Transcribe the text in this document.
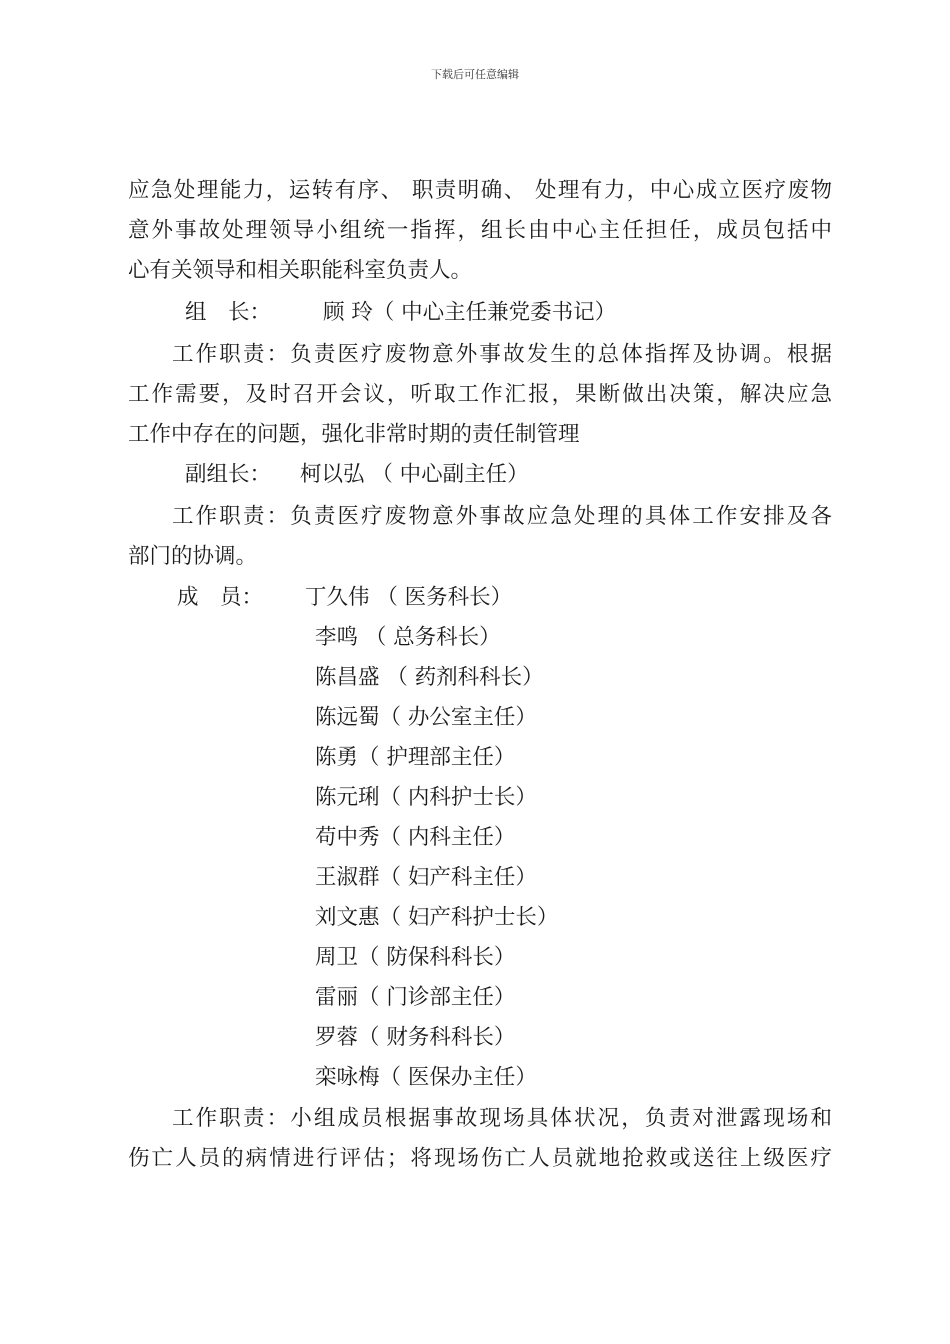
下载后可任意编辑
应急处理能力，运转有序、 职责明确、 处理有力，中心成立医疗废物
意外事故处理领导小组统一指挥，组长由中心主任担任，成员包括中
心有关领导和相关职能科室负责人。
组　长： 顾 玲（ 中心主任兼党委书记）
工作职责：负责医疗废物意外事故发生的总体指挥及协调。根据
工作需要，及时召开会议，听取工作汇报，果断做出决策，解决应急
工作中存在的问题，强化非常时期的责任制管理
副组长： 柯以弘 （ 中心副主任）
工作职责：负责医疗废物意外事故应急处理的具体工作安排及各
部门的协调。
成　员： 丁久伟 （ 医务科长）
李鸣 （ 总务科长）
陈昌盛 （ 药剂科科长）
陈远蜀（ 办公室主任）
陈勇（ 护理部主任）
陈元琍（ 内科护士长）
苟中秀（ 内科主任）
王淑群（ 妇产科主任）
刘文惠（ 妇产科护士长）
周卫（ 防保科科长）
雷丽（ 门诊部主任）
罗蓉（ 财务科科长）
栾咏梅（ 医保办主任）
工作职责：小组成员根据事故现场具体状况，负责对泄露现场和
伤亡人员的病情进行评估；将现场伤亡人员就地抢救或送往上级医疗
